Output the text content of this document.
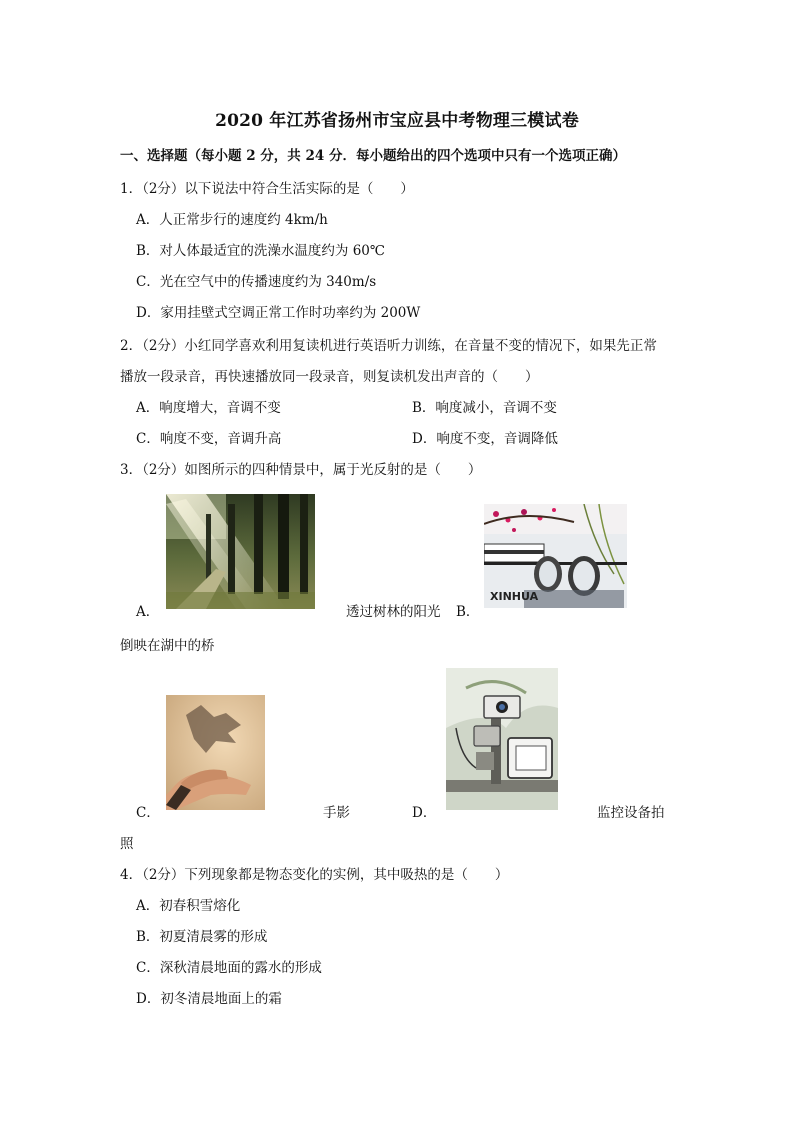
2020 年江苏省扬州市宝应县中考物理三模试卷
一、选择题（每小题 2 分，共 24 分．每小题给出的四个选项中只有一个选项正确）
1．（2分）以下说法中符合生活实际的是（　　）
A．人正常步行的速度约 4km/h
B．对人体最适宜的洗澡水温度约为 60℃
C．光在空气中的传播速度约为 340m/s
D．家用挂壁式空调正常工作时功率约为 200W
2．（2分）小红同学喜欢利用复读机进行英语听力训练，在音量不变的情况下，如果先正常
播放一段录音，再快速播放同一段录音，则复读机发出声音的（　　）
A．响度增大，音调不变	B．响度减小，音调不变
C．响度不变，音调升高	D．响度不变，音调降低
3．（2分）如图所示的四种情景中，属于光反射的是（　　）
A．	透过树林的阳光 B．
XINHUA
倒映在湖中的桥
C．	手影	D．	监控设备拍
照
4．（2分）下列现象都是物态变化的实例，其中吸热的是（　　）
A．初春积雪熔化
B．初夏清晨雾的形成
C．深秋清晨地面的露水的形成
D．初冬清晨地面上的霜
